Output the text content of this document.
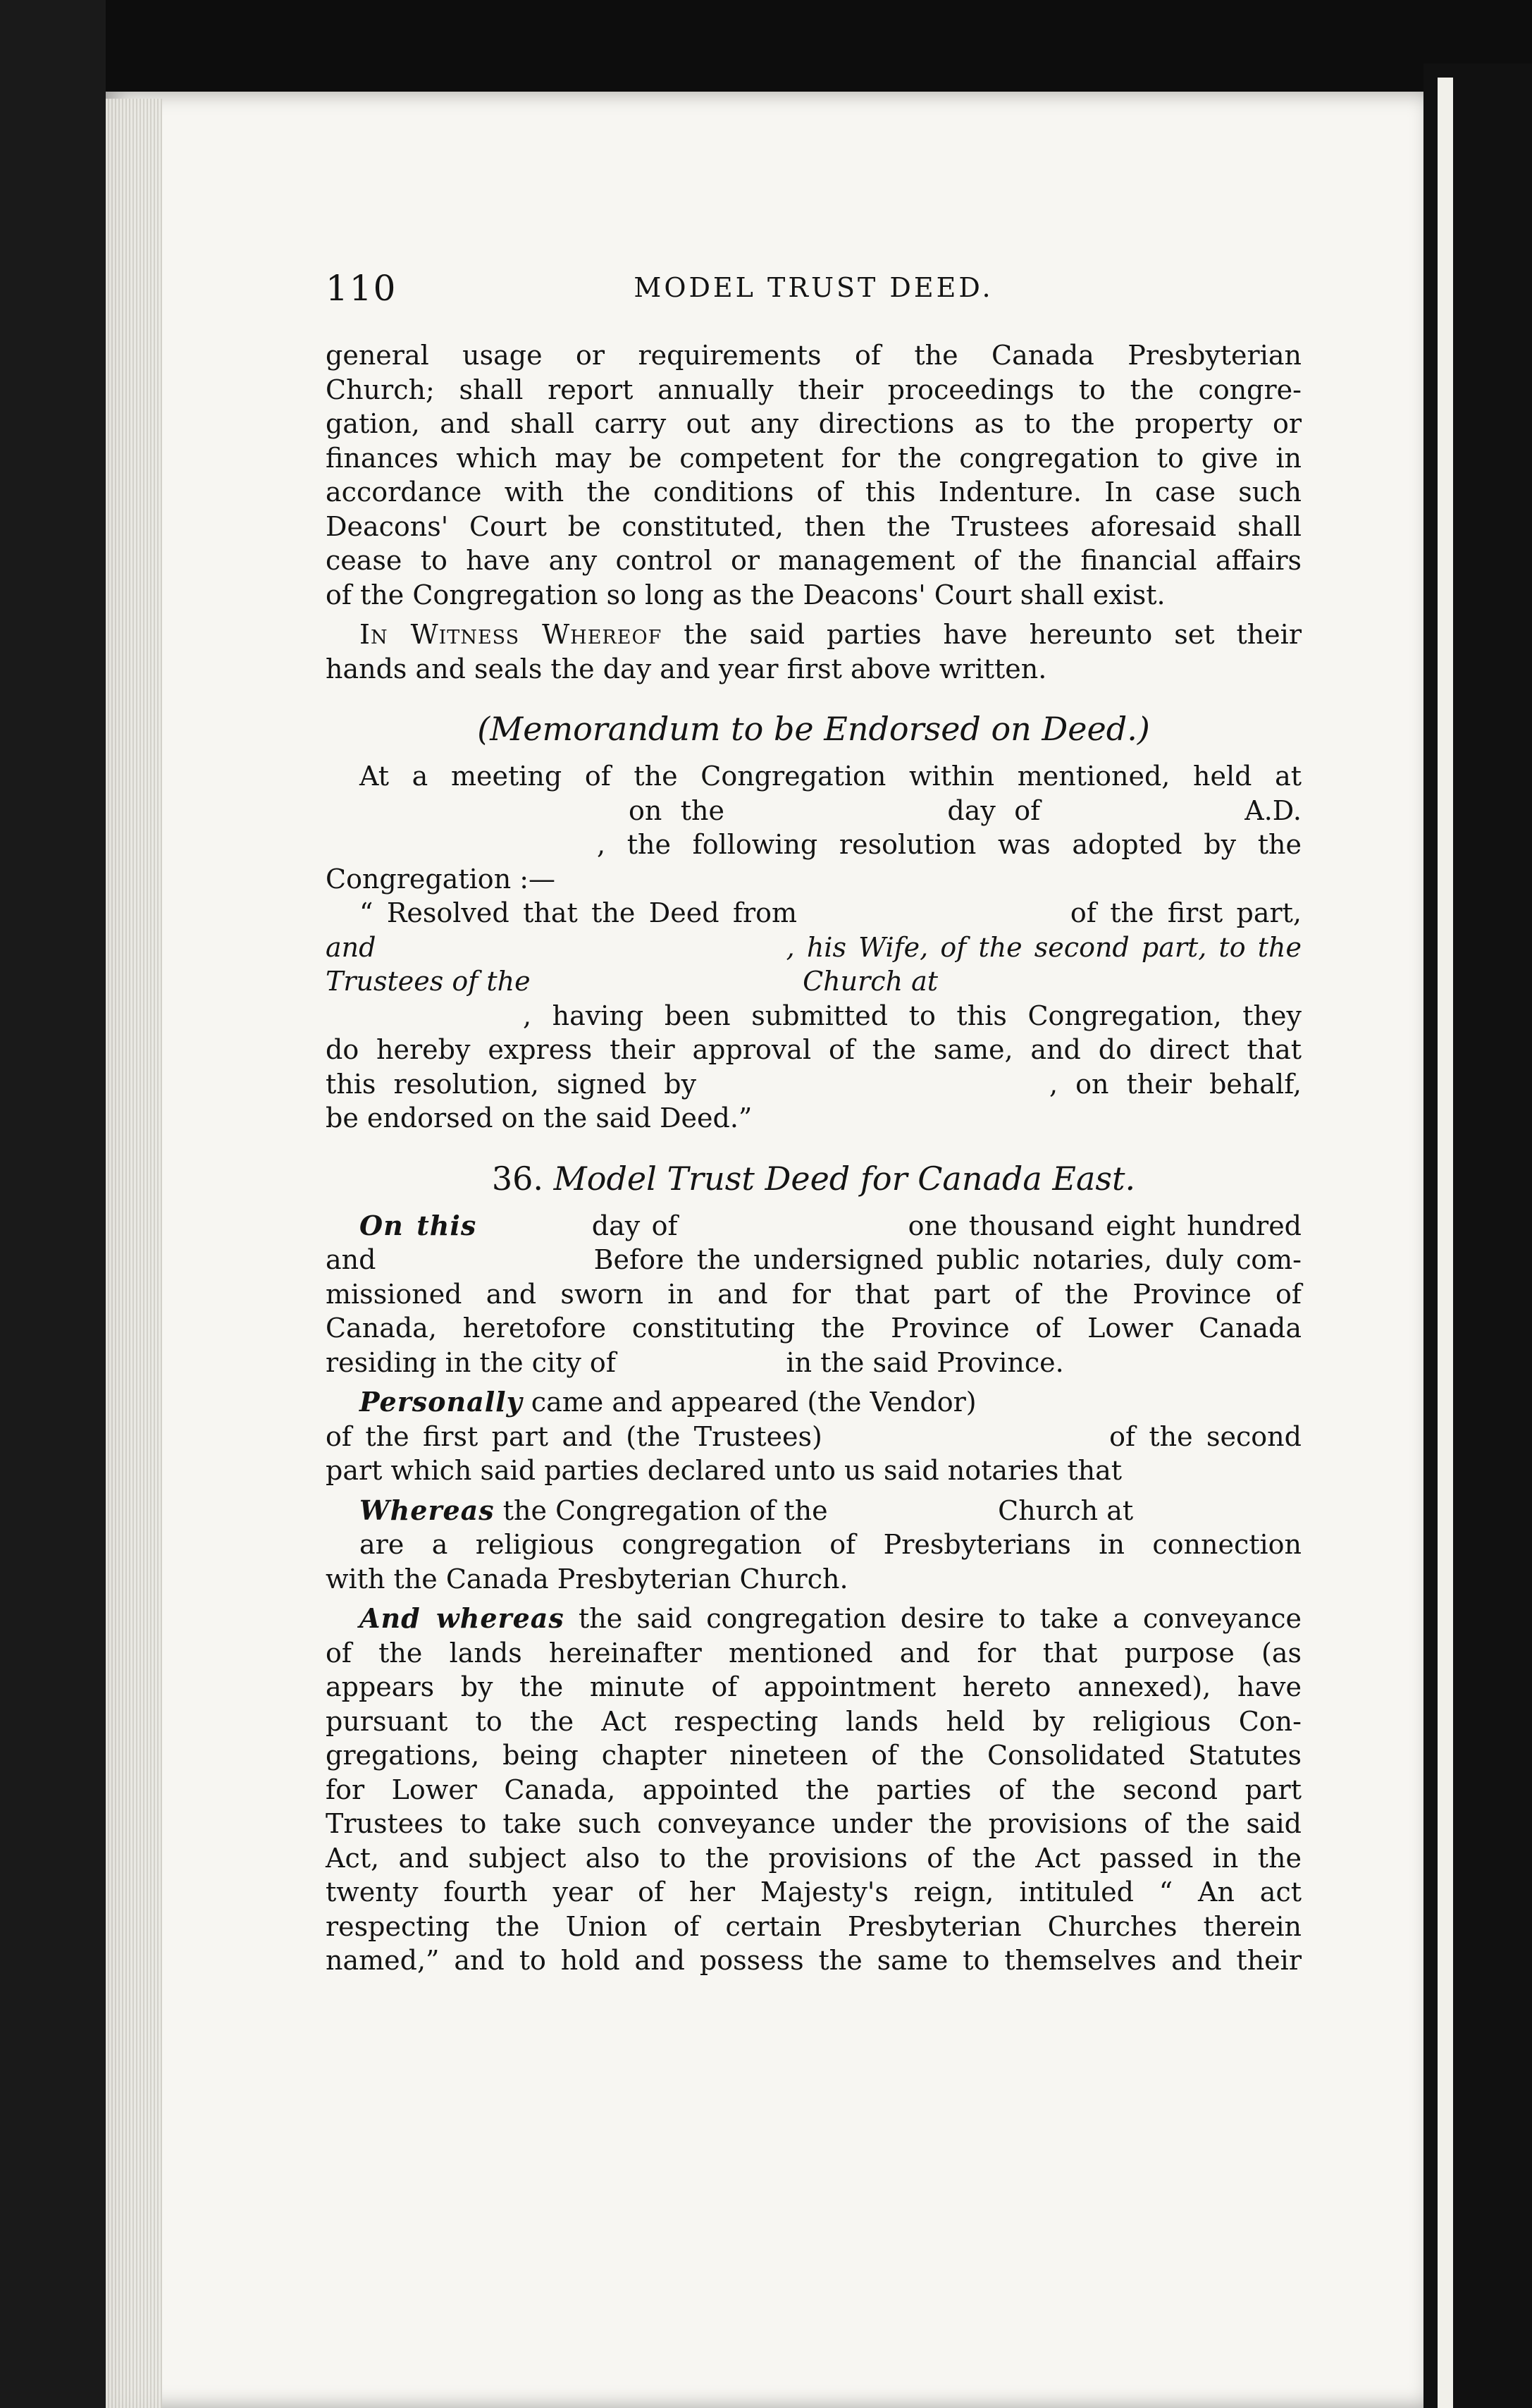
110	MODEL TRUST DEED.

general usage or requirements of the Canada Presbyterian

Church; shall report annually their proceedings to the congre-

gation, and shall carry out any directions as to the property or

finances which may be competent for the congregation to give in

accordance with the conditions of this Indenture. In case such

Deacons' Court be constituted, then the Trustees aforesaid shall

cease to have any control or management of the financial affairs

of the Congregation so long as the Deacons' Court shall exist.

In Witness Whereof the said parties have hereunto set their

hands and seals the day and year first above written.

(Memorandum to be Endorsed on Deed.)

At a meeting of the Congregation within mentioned, held at

on the            day of           A.D.

, the following resolution was adopted by the

Congregation :—

“ Resolved that the Deed from                    of the first part,

and                                  , his Wife, of the second part, to the

Trustees of the                                Church at

, having been submitted to this Congregation, they

do hereby express their approval of the same, and do direct that

this resolution, signed by                    , on their behalf,

be endorsed on the said Deed.”

36. Model Trust Deed for Canada East.

On this          day of                    one thousand eight hundred

and                 Before the undersigned public notaries, duly com-

missioned and sworn in and for that part of the Province of

Canada, heretofore constituting the Province of Lower Canada

residing in the city of                    in the said Province.

Personally came and appeared (the Vendor)

of the first part and (the Trustees)                     of the second

part which said parties declared unto us said notaries that

Whereas the Congregation of the                    Church at

are a religious congregation of Presbyterians in connection

with the Canada Presbyterian Church.

And whereas the said congregation desire to take a conveyance

of the lands hereinafter mentioned and for that purpose (as

appears by the minute of appointment hereto annexed), have

pursuant to the Act respecting lands held by religious Con-

gregations, being chapter nineteen of the Consolidated Statutes

for Lower Canada, appointed the parties of the second part

Trustees to take such conveyance under the provisions of the said

Act, and subject also to the provisions of the Act passed in the

twenty fourth year of her Majesty's reign, intituled “ An act

respecting the Union of certain Presbyterian Churches therein

named,” and to hold and possess the same to themselves and their
